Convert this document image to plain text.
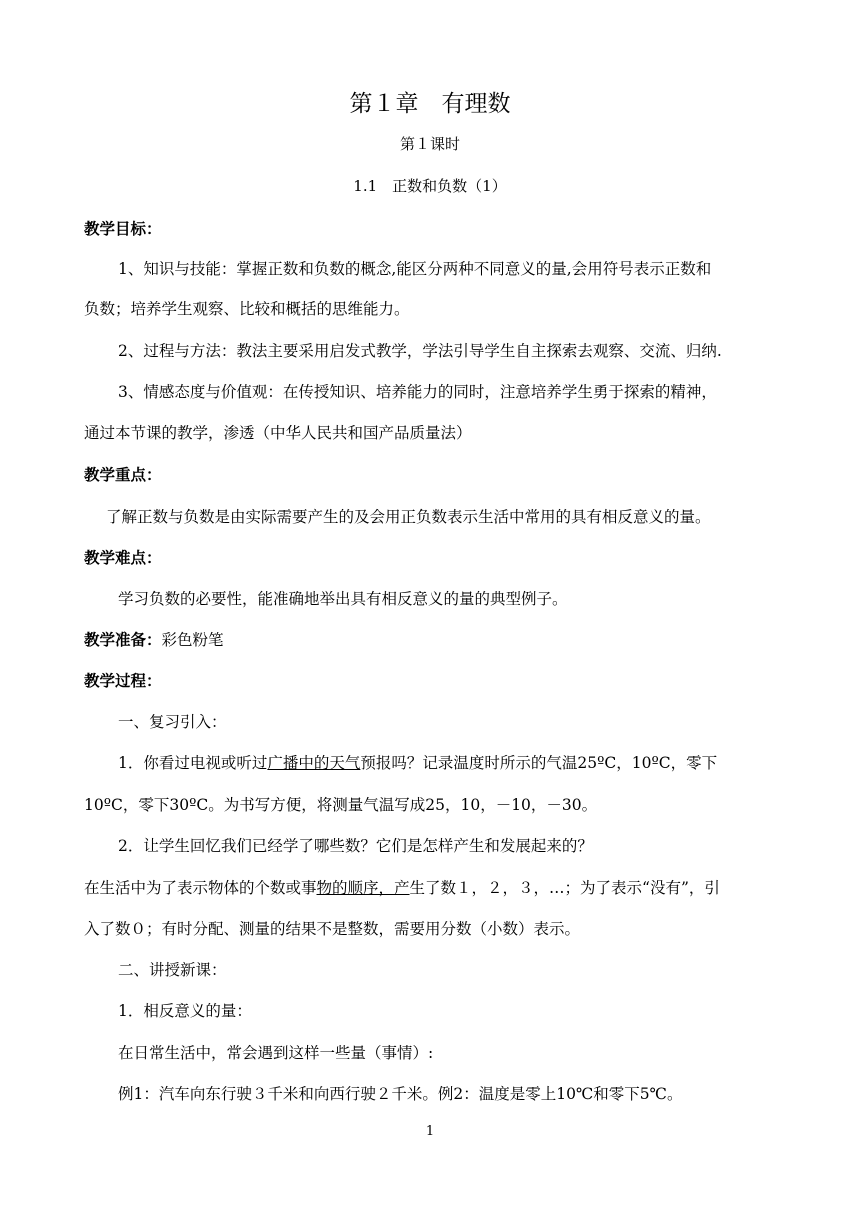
第１章　有理数
第１课时
1.1　正数和负数（1）
教学目标：
1、知识与技能：掌握正数和负数的概念,能区分两种不同意义的量,会用符号表示正数和
负数；培养学生观察、比较和概括的思维能力。
2、过程与方法：教法主要采用启发式教学，学法引导学生自主探索去观察、交流、归纳.
3、情感态度与价值观：在传授知识、培养能力的同时，注意培养学生勇于探索的精神，
通过本节课的教学，渗透（中华人民共和国产品质量法）
教学重点：
了解正数与负数是由实际需要产生的及会用正负数表示生活中常用的具有相反意义的量。
教学难点：
学习负数的必要性，能准确地举出具有相反意义的量的典型例子。
教学准备：彩色粉笔
教学过程：
一、复习引入：
1．你看过电视或听过广播中的天气预报吗？记录温度时所示的气温25ºC，10ºC，零下
10ºC，零下30ºC。为书写方便，将测量气温写成25，10，－10，－30。
2．让学生回忆我们已经学了哪些数？它们是怎样产生和发展起来的？
在生活中为了表示物体的个数或事物的顺序，产生了数１，２，３，…；为了表示“没有”，引
入了数０；有时分配、测量的结果不是整数，需要用分数（小数）表示。
二、讲授新课：
1．相反意义的量：
在日常生活中，常会遇到这样一些量（事情）:
例1：汽车向东行驶３千米和向西行驶２千米。例2：温度是零上10℃和零下5℃。
1
